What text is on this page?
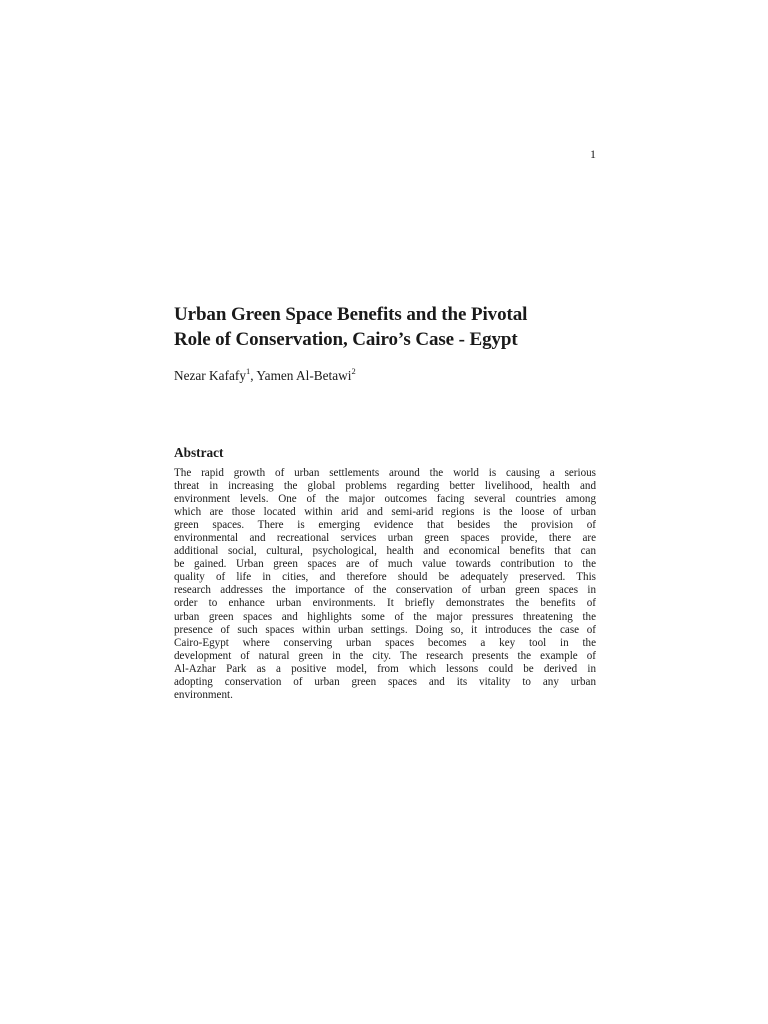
1
Urban Green Space Benefits and the Pivotal
Role of Conservation, Cairo’s Case - Egypt
Nezar Kafafy$^1$, Yamen Al-Betawi$^2$
Abstract

The rapid growth of urban settlements around the world is causing a serious
threat in increasing the global problems regarding better livelihood, health and
environment levels. One of the major outcomes facing several countries among
which are those located within arid and semi-arid regions is the loose of urban
green spaces. There is emerging evidence that besides the provision of
environmental and recreational services urban green spaces provide, there are
additional social, cultural, psychological, health and economical benefits that can
be gained. Urban green spaces are of much value towards contribution to the
quality of life in cities, and therefore should be adequately preserved. This
research addresses the importance of the conservation of urban green spaces in
order to enhance urban environments. It briefly demonstrates the benefits of
urban green spaces and highlights some of the major pressures threatening the
presence of such spaces within urban settings. Doing so, it introduces the case of
Cairo-Egypt where conserving urban spaces becomes a key tool in the
development of natural green in the city. The research presents the example of
Al-Azhar Park as a positive model, from which lessons could be derived in
adopting conservation of urban green spaces and its vitality to any urban
environment.
